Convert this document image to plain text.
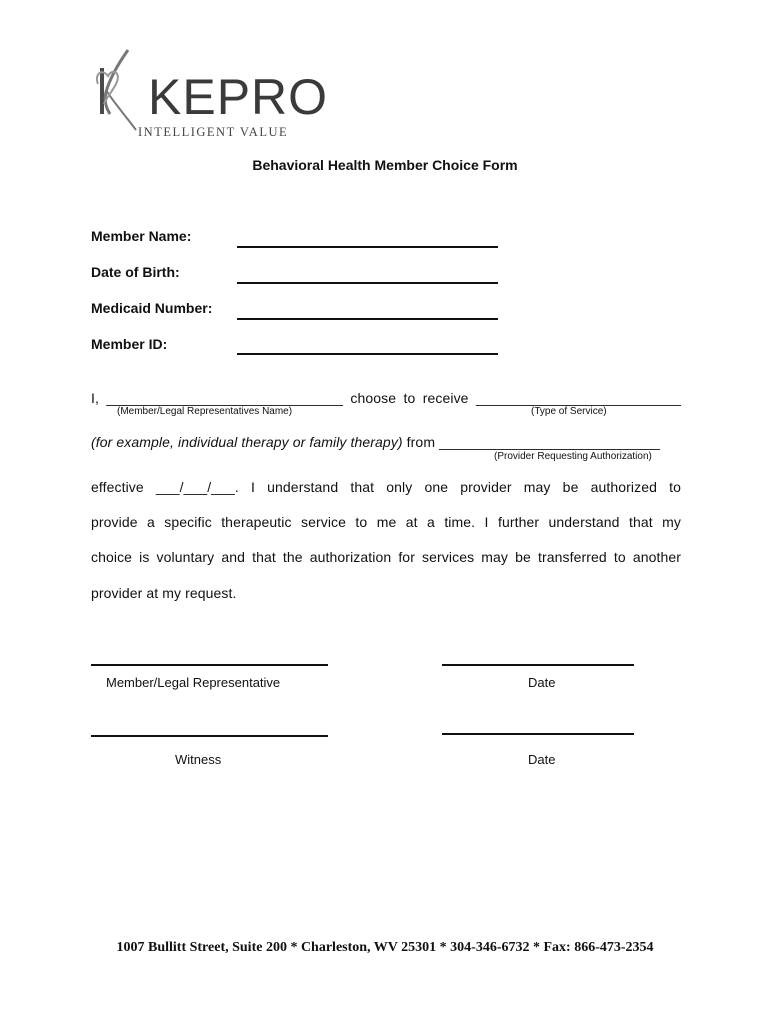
KEPRO
INTELLIGENT VALUE
Behavioral Health Member Choice Form
Member Name:
Date of Birth:
Medicaid Number:
Member ID:
I, ______________________________ choose to receive __________________________
(Member/Legal Representatives Name)	(Type of Service)
(for example, individual therapy or family therapy) from ____________________________
(Provider Requesting Authorization)
effective ___/___/___. I understand that only one provider may be authorized to
provide a specific therapeutic service to me at a time. I further understand that my
choice is voluntary and that the authorization for services may be transferred to another
provider at my request.
Member/Legal Representative	Date
Witness	Date
1007 Bullitt Street, Suite 200 * Charleston, WV 25301 * 304-346-6732 * Fax: 866-473-2354
